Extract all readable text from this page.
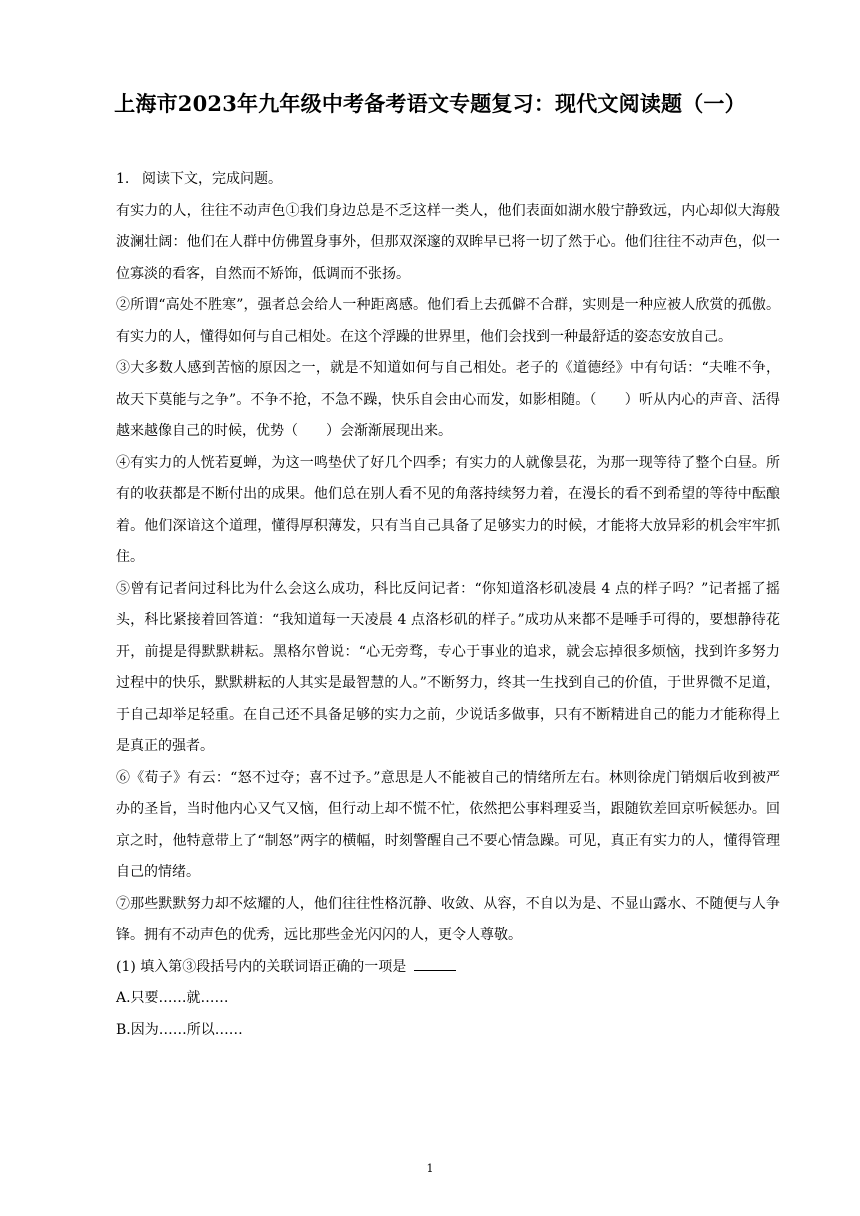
上海市2023年九年级中考备考语文专题复习：现代文阅读题（一）

1. 阅读下文，完成问题。

有实力的人，往往不动声色①我们身边总是不乏这样一类人，他们表面如湖水般宁静致远，内心却似大海般波澜壮阔：他们在人群中仿佛置身事外，但那双深邃的双眸早已将一切了然于心。他们往往不动声色，似一位寡淡的看客，自然而不矫饰，低调而不张扬。

②所谓“高处不胜寒”，强者总会给人一种距离感。他们看上去孤僻不合群，实则是一种应被人欣赏的孤傲。有实力的人，懂得如何与自己相处。在这个浮躁的世界里，他们会找到一种最舒适的姿态安放自己。

③大多数人感到苦恼的原因之一，就是不知道如何与自己相处。老子的《道德经》中有句话：“夫唯不争，故天下莫能与之争”。不争不抢，不急不躁，快乐自会由心而发，如影相随。（　　）听从内心的声音、活得越来越像自己的时候，优势（　　）会渐渐展现出来。

④有实力的人恍若夏蝉，为这一鸣垫伏了好几个四季；有实力的人就像昙花，为那一现等待了整个白昼。所有的收获都是不断付出的成果。他们总在别人看不见的角落持续努力着，在漫长的看不到希望的等待中酝酿着。他们深谙这个道理，懂得厚积薄发，只有当自己具备了足够实力的时候，才能将大放异彩的机会牢牢抓住。

⑤曾有记者问过科比为什么会这么成功，科比反问记者：“你知道洛杉矶凌晨 4 点的样子吗？”记者摇了摇头，科比紧接着回答道：“我知道每一天凌晨 4 点洛杉矶的样子。”成功从来都不是唾手可得的，要想静待花开，前提是得默默耕耘。黑格尔曾说：“心无旁骛，专心于事业的追求，就会忘掉很多烦恼，找到许多努力过程中的快乐，默默耕耘的人其实是最智慧的人。”不断努力，终其一生找到自己的价值，于世界微不足道，于自己却举足轻重。在自己还不具备足够的实力之前，少说话多做事，只有不断精进自己的能力才能称得上是真正的强者。

⑥《荀子》有云：“怒不过夺；喜不过予。”意思是人不能被自己的情绪所左右。林则徐虎门销烟后收到被严办的圣旨，当时他内心又气又恼，但行动上却不慌不忙，依然把公事料理妥当，跟随钦差回京听候惩办。回京之时，他特意带上了“制怒”两字的横幅，时刻警醒自己不要心情急躁。可见，真正有实力的人，懂得管理自己的情绪。

⑦那些默默努力却不炫耀的人，他们往往性格沉静、收敛、从容，不自以为是、不显山露水、不随便与人争锋。拥有不动声色的优秀，远比那些金光闪闪的人，更令人尊敬。

(1) 填入第③段括号内的关联词语正确的一项是

A.只要……就……

B.因为……所以……

1
